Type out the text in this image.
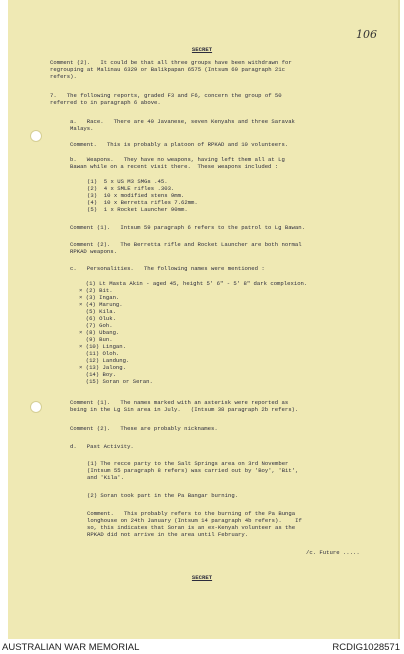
SECRET
106
Comment (2).   It could be that all three groups have been withdrawn for
regrouping at Malinau 6329 or Balikpapan 6575 (Intsum 60 paragraph 21c
refers).
7.   The following reports, graded F3 and F6, concern the group of 50
referred to in paragraph 6 above.
a.   Race.   There are 40 Javanese, seven Kenyahs and three Saravak
Malays.
Comment.   This is probably a platoon of RPKAD and 10 volunteers.
b.   Weapons.   They have no weapons, having left them all at Lg
Bawan while on a recent visit there.  These weapons included :
(1)  5 x US M3 SMGs .45.
(2)  4 x SMLE rifles .303.
(3)  10 x modified stens 9mm.
(4)  10 x Berretta rifles 7.62mm.
(5)  1 x Rocket Launcher 90mm.
Comment (1).   Intsum 59 paragraph 6 refers to the patrol to Lg Bawan.
Comment (2).   The Berretta rifle and Rocket Launcher are both normal
RPKAD weapons.
c.   Personalities.   The following names were mentioned :
(1) Lt Masta Akin - aged 45, height 5' 6" - 5' 8" dark complexion.
× (2) Bit.
× (3) Ingan.
× (4) Marung.
(5) Kila.
(6) Oluk.
(7) Goh.
× (8) Ubang.
(9) Bun.
× (10) Lingan.
(11) Oloh.
(12) Landung.
× (13) Jalong.
(14) Boy.
(15) Soran or Seran.
Comment (1).   The names marked with an asterisk were reported as
being in the Lg Sin area in July.   (Intsum 38 paragraph 2b refers).
Comment (2).   These are probably nicknames.
d.   Past Activity.
(1) The recce party to the Salt Springs area on 3rd November
(Intsum 55 paragraph 8 refers) was carried out by 'Boy', 'Bit',
and 'Kila'.
(2) Soran took part in the Pa Bangar burning.
Comment.   This probably refers to the burning of the Pa Bunga
longhouse on 24th January (Intsum 14 paragraph 4b refers).    If
so, this indicates that Soran is an ex-Kenyah volunteer as the
RPKAD did not arrive in the area until February.
/c. Future .....
SECRET
AUSTRALIAN WAR MEMORIAL	RCDIG1028571
